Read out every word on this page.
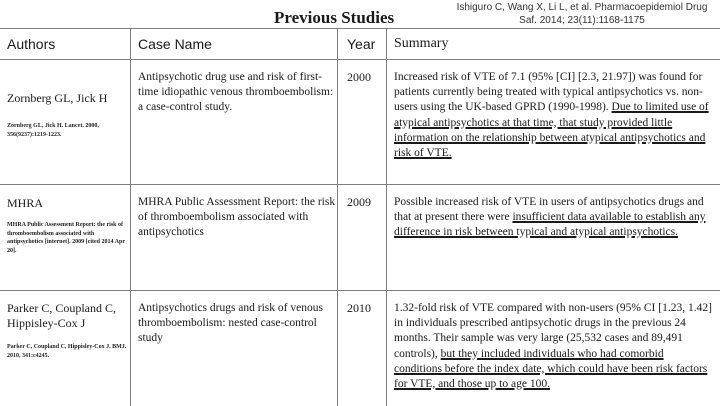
Previous Studies
Ishiguro C, Wang X, Li L, et al. Pharmacoepidemiol Drug Saf. 2014; 23(11):1168-1175
Authors	Case Name	Year Summary
Zornberg GL, Jick H
Zornberg GL, Jick H. Lancet. 2000, 356(9237):1219-1223.
Antipsychotic drug use and risk of first-time idiopathic venous thromboembolism: a case-control study.
2000 Increased risk of VTE of 7.1 (95% [CI] [2.3, 21.97]) was found for patients currently being treated with typical antipsychotics vs. non-users using the UK-based GPRD (1990-1998). Due to limited use of atypical antipsychotics at that time, that study provided little information on the relationship between atypical antipsychotics and risk of VTE.
MHRA
MHRA Public Assessment Report: the risk of thromboembolism associated with antipsychotics [internet]. 2009 [cited 2014 Apr 20].
MHRA Public Assessment Report: the risk of thromboembolism associated with antipsychotics
2009 Possible increased risk of VTE in users of antipsychotics drugs and that at present there were insufficient data available to establish any difference in risk between typical and atypical antipsychotics.
Parker C, Coupland C, Hippisley-Cox J
Parker C, Coupland C, Hippisley-Cox J. BMJ. 2010, 341:c4245.
Antipsychotics drugs and risk of venous thromboembolism: nested case-control study
2010 1.32-fold risk of VTE compared with non-users (95% CI [1.23, 1.42] in individuals prescribed antipsychotic drugs in the previous 24 months. Their sample was very large (25,532 cases and 89,491 controls), but they included individuals who had comorbid conditions before the index date, which could have been risk factors for VTE, and those up to age 100.
